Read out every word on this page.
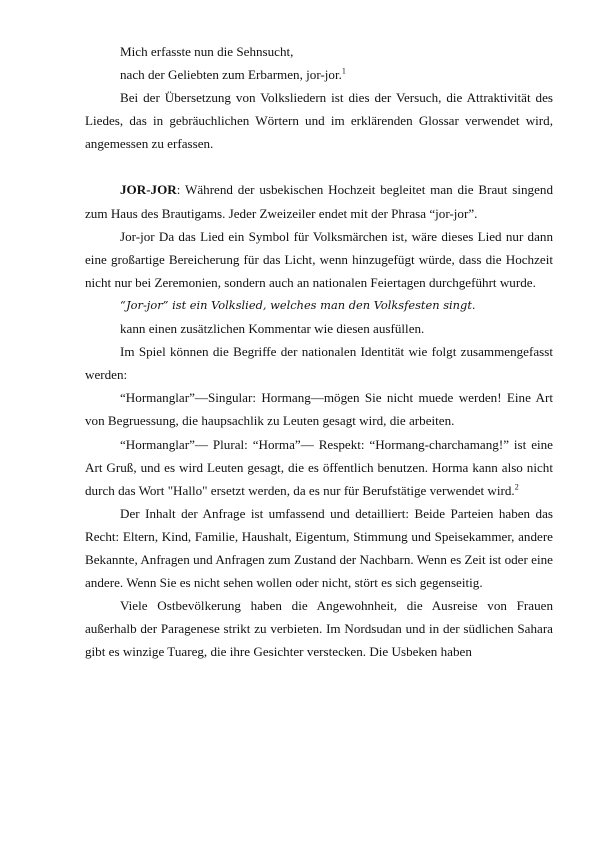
Mich erfasste nun die Sehnsucht,

nach der Geliebten zum Erbarmen, jor-jor.$^1$

Bei der Übersetzung von Volksliedern ist dies der Versuch, die Attraktivität des Liedes, das in gebräuchlichen Wörtern und im erklärenden Glossar verwendet wird, angemessen zu erfassen.

JOR-JOR: Während der usbekischen Hochzeit begleitet man die Braut singend zum Haus des Brautigams. Jeder Zweizeiler endet mit der Phrasa “jor-jor”.

Jor-jor Da das Lied ein Symbol für Volksmärchen ist, wäre dieses Lied nur dann eine großartige Bereicherung für das Licht, wenn hinzugefügt würde, dass die Hochzeit nicht nur bei Zeremonien, sondern auch an nationalen Feiertagen durchgeführt wurde.

“Jor-jor” ist ein Volkslied, welches man den Volksfesten singt.

kann einen zusätzlichen Kommentar wie diesen ausfüllen.

Im Spiel können die Begriffe der nationalen Identität wie folgt zusammengefasst werden:

“Hormanglar”—Singular: Hormang—mögen Sie nicht muede werden! Eine Art von Begruessung, die haupsachlik zu Leuten gesagt wird, die arbeiten.

“Hormanglar”— Plural: “Horma”— Respekt: “Hormang-charchamang!” ist eine Art Gruß, und es wird Leuten gesagt, die es öffentlich benutzen. Horma kann also nicht durch das Wort "Hallo" ersetzt werden, da es nur für Berufstätige verwendet wird.$^2$

Der Inhalt der Anfrage ist umfassend und detailliert: Beide Parteien haben das Recht: Eltern, Kind, Familie, Haushalt, Eigentum, Stimmung und Speisekammer, andere Bekannte, Anfragen und Anfragen zum Zustand der Nachbarn. Wenn es Zeit ist oder eine andere. Wenn Sie es nicht sehen wollen oder nicht, stört es sich gegenseitig.

Viele Ostbevölkerung haben die Angewohnheit, die Ausreise von Frauen außerhalb der Paragenese strikt zu verbieten. Im Nordsudan und in der südlichen Sahara gibt es winzige Tuareg, die ihre Gesichter verstecken. Die Usbeken haben
